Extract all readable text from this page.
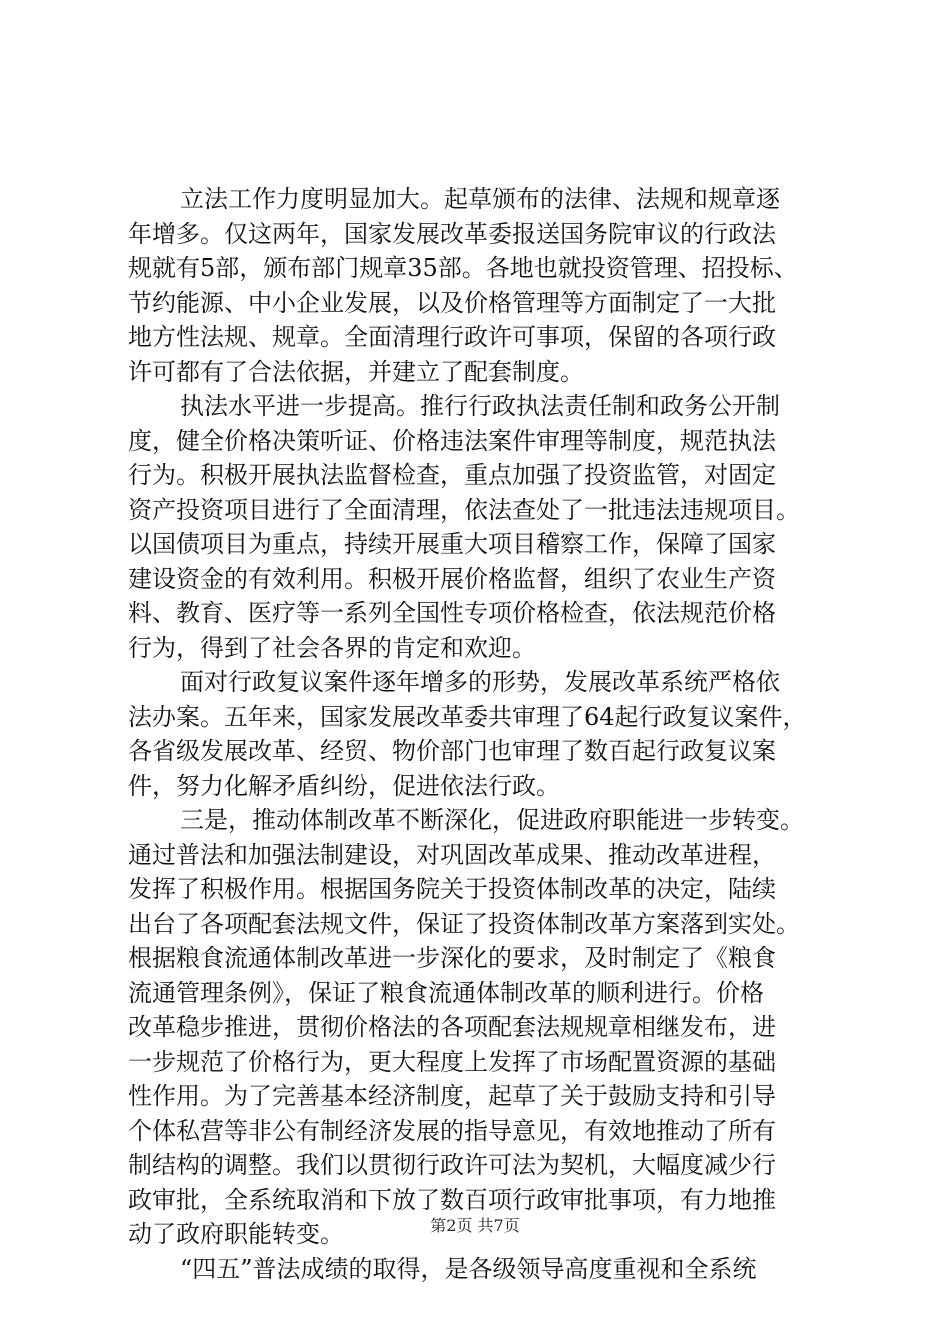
立法工作力度明显加大。起草颁布的法律、法规和规章逐
年增多。仅这两年，国家发展改革委报送国务院审议的行政法
规就有5部，颁布部门规章35部。各地也就投资管理、招投标、
节约能源、中小企业发展，以及价格管理等方面制定了一大批
地方性法规、规章。全面清理行政许可事项，保留的各项行政
许可都有了合法依据，并建立了配套制度。
执法水平进一步提高。推行行政执法责任制和政务公开制
度，健全价格决策听证、价格违法案件审理等制度，规范执法
行为。积极开展执法监督检查，重点加强了投资监管，对固定
资产投资项目进行了全面清理，依法查处了一批违法违规项目。
以国债项目为重点，持续开展重大项目稽察工作，保障了国家
建设资金的有效利用。积极开展价格监督，组织了农业生产资
料、教育、医疗等一系列全国性专项价格检查，依法规范价格
行为，得到了社会各界的肯定和欢迎。
面对行政复议案件逐年增多的形势，发展改革系统严格依
法办案。五年来，国家发展改革委共审理了64起行政复议案件，
各省级发展改革、经贸、物价部门也审理了数百起行政复议案
件，努力化解矛盾纠纷，促进依法行政。
三是，推动体制改革不断深化，促进政府职能进一步转变。
通过普法和加强法制建设，对巩固改革成果、推动改革进程，
发挥了积极作用。根据国务院关于投资体制改革的决定，陆续
出台了各项配套法规文件，保证了投资体制改革方案落到实处。
根据粮食流通体制改革进一步深化的要求，及时制定了《粮食
流通管理条例》，保证了粮食流通体制改革的顺利进行。价格
改革稳步推进，贯彻价格法的各项配套法规规章相继发布，进
一步规范了价格行为，更大程度上发挥了市场配置资源的基础
性作用。为了完善基本经济制度，起草了关于鼓励支持和引导
个体私营等非公有制经济发展的指导意见，有效地推动了所有
制结构的调整。我们以贯彻行政许可法为契机，大幅度减少行
政审批，全系统取消和下放了数百项行政审批事项，有力地推
动了政府职能转变。
“四五”普法成绩的取得，是各级领导高度重视和全系统
第2页 共7页
